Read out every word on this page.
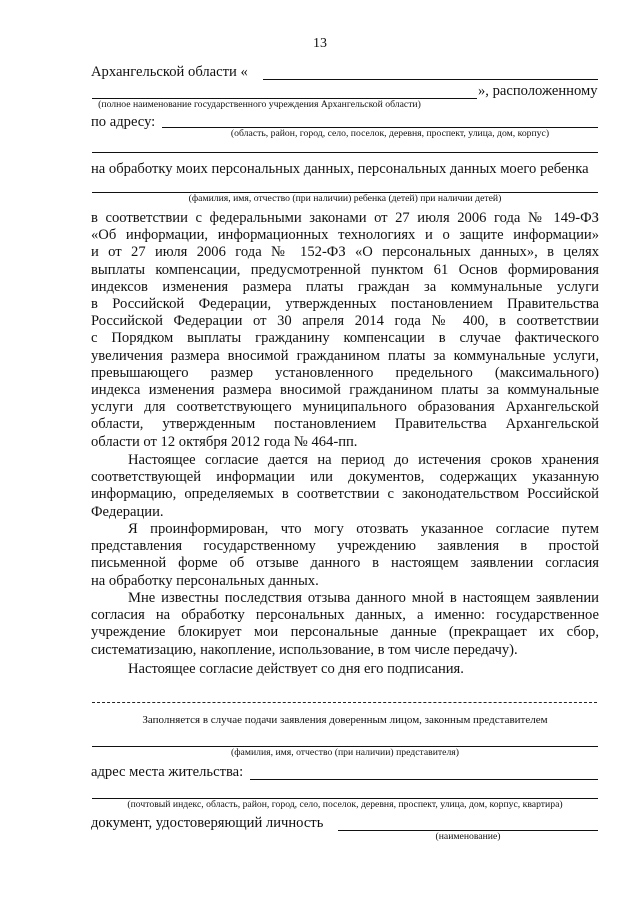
13
Архангельской области «
», расположенному
(полное наименование государственного учреждения Архангельской области)
по адресу:
(область, район, город, село, поселок, деревня, проспект, улица, дом, корпус)
на обработку моих персональных данных, персональных данных моего ребенка
(фамилия, имя, отчество (при наличии) ребенка (детей) при наличии детей)
в соответствии с федеральными законами от 27 июля 2006 года № 149-ФЗ
«Об информации, информационных технологиях и о защите информации»
и от 27 июля 2006 года № 152-ФЗ «О персональных данных», в целях
выплаты компенсации, предусмотренной пунктом 61 Основ формирования
индексов изменения размера платы граждан за коммунальные услуги
в Российской Федерации, утвержденных постановлением Правительства
Российской Федерации от 30 апреля 2014 года № 400, в соответствии
с Порядком выплаты гражданину компенсации в случае фактического
увеличения размера вносимой гражданином платы за коммунальные услуги,
превышающего размер установленного предельного (максимального)
индекса изменения размера вносимой гражданином платы за коммунальные
услуги для соответствующего муниципального образования Архангельской
области, утвержденным постановлением Правительства Архангельской
области от 12 октября 2012 года № 464-пп.
Настоящее согласие дается на период до истечения сроков хранения
соответствующей информации или документов, содержащих указанную
информацию, определяемых в соответствии с законодательством Российской
Федерации.
Я проинформирован, что могу отозвать указанное согласие путем
представления государственному учреждению заявления в простой
письменной форме об отзыве данного в настоящем заявлении согласия
на обработку персональных данных.
Мне известны последствия отзыва данного мной в настоящем заявлении
согласия на обработку персональных данных, а именно: государственное
учреждение блокирует мои персональные данные (прекращает их сбор,
систематизацию, накопление, использование, в том числе передачу).
Настоящее согласие действует со дня его подписания.
Заполняется в случае подачи заявления доверенным лицом, законным представителем
(фамилия, имя, отчество (при наличии) представителя)
адрес места жительства:
(почтовый индекс, область, район, город, село, поселок, деревня, проспект, улица, дом, корпус, квартира)
документ, удостоверяющий личность
(наименование)
